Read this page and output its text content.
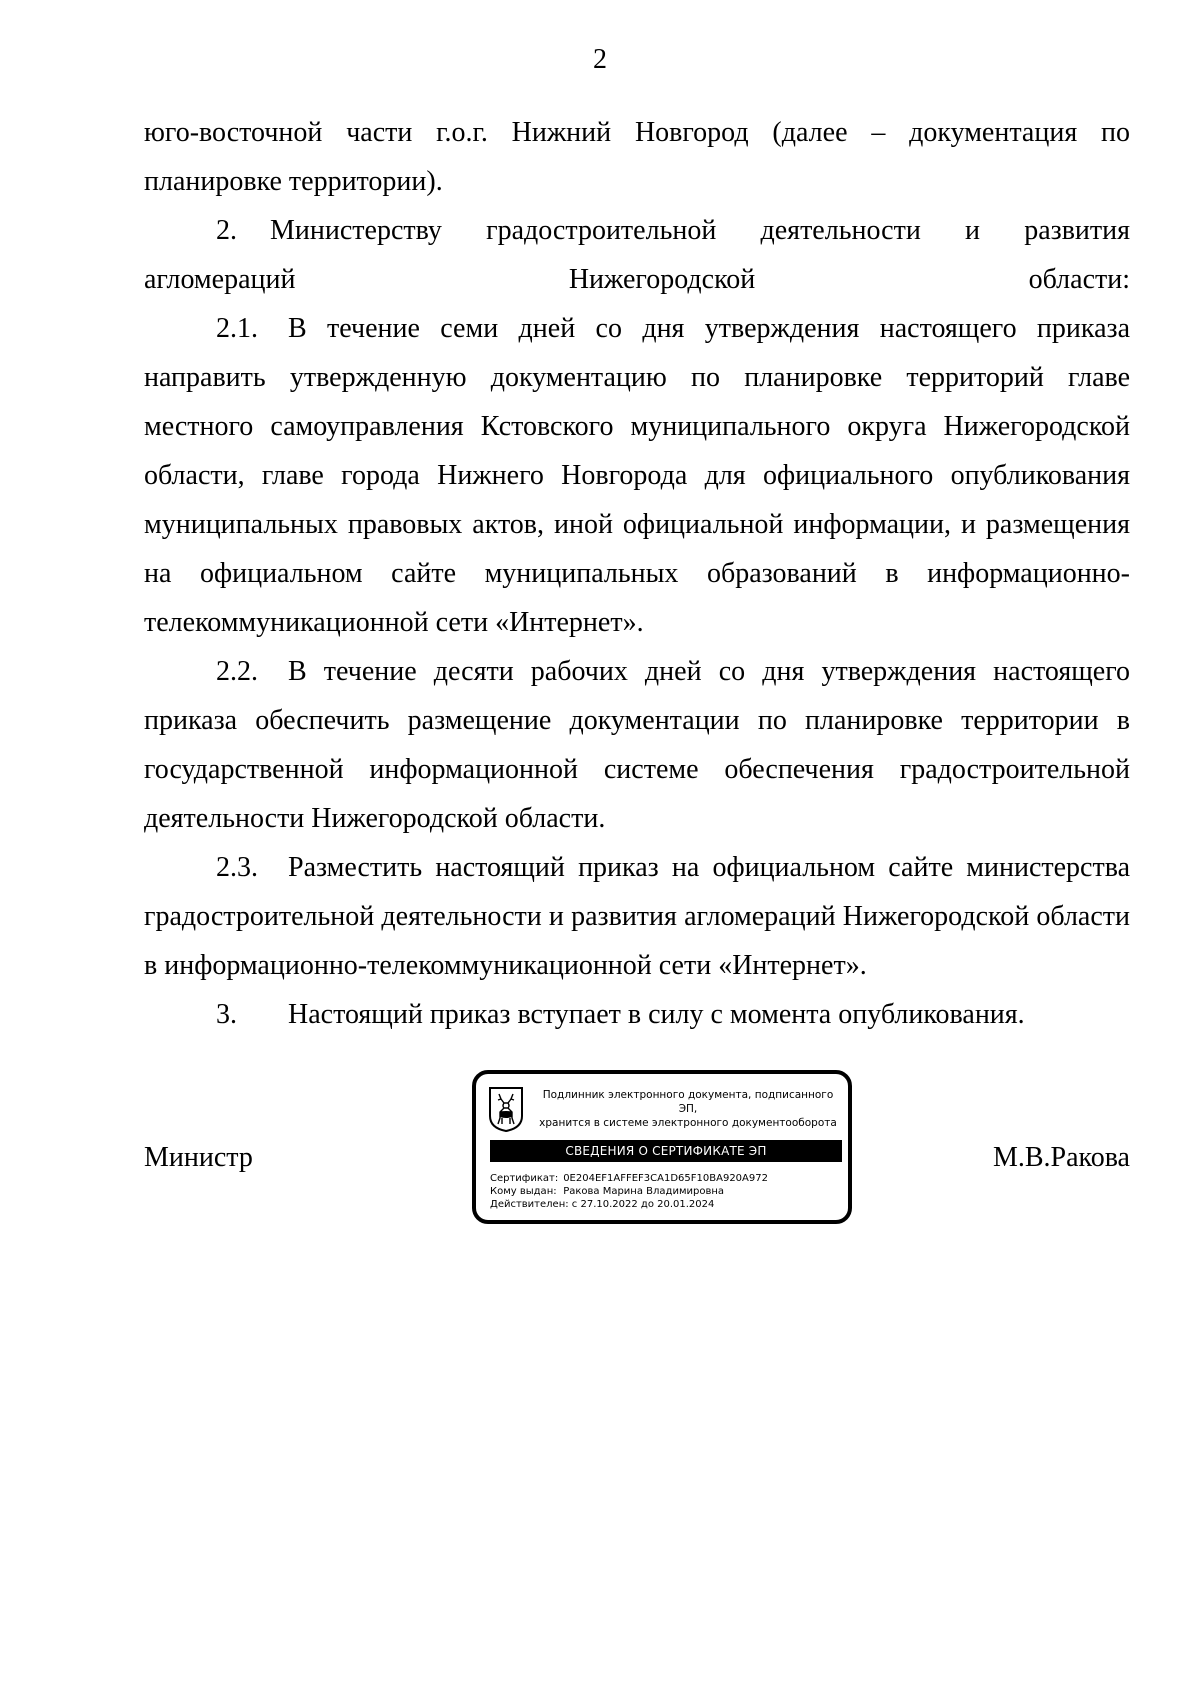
2

юго-восточной части г.о.г. Нижний Новгород (далее – документация по планировке территории).

2. Министерству градостроительной деятельности и развития агломераций Нижегородской области:

2.1. В течение семи дней со дня утверждения настоящего приказа направить утвержденную документацию по планировке территорий главе местного самоуправления Кстовского муниципального округа Нижегородской области, главе города Нижнего Новгорода для официального опубликования муниципальных правовых актов, иной официальной информации, и размещения на официальном сайте муниципальных образований в информационно-телекоммуникационной сети «Интернет».

2.2. В течение десяти рабочих дней со дня утверждения настоящего приказа обеспечить размещение документации по планировке территории в государственной информационной системе обеспечения градостроительной деятельности Нижегородской области.

2.3. Разместить настоящий приказ на официальном сайте министерства градостроительной деятельности и развития агломераций Нижегородской области в информационно-телекоммуникационной сети «Интернет».

3. Настоящий приказ вступает в силу с момента опубликования.

Министр
Подлинник электронного документа, подписанного ЭП,
хранится в системе электронного документооборота
СВЕДЕНИЯ О СЕРТИФИКАТЕ ЭП
Сертификат: 0E204EF1AFFEF3CA1D65F10BA920A972
Кому выдан: Ракова Марина Владимировна
Действителен: с 27.10.2022 до 20.01.2024
М.В.Ракова
